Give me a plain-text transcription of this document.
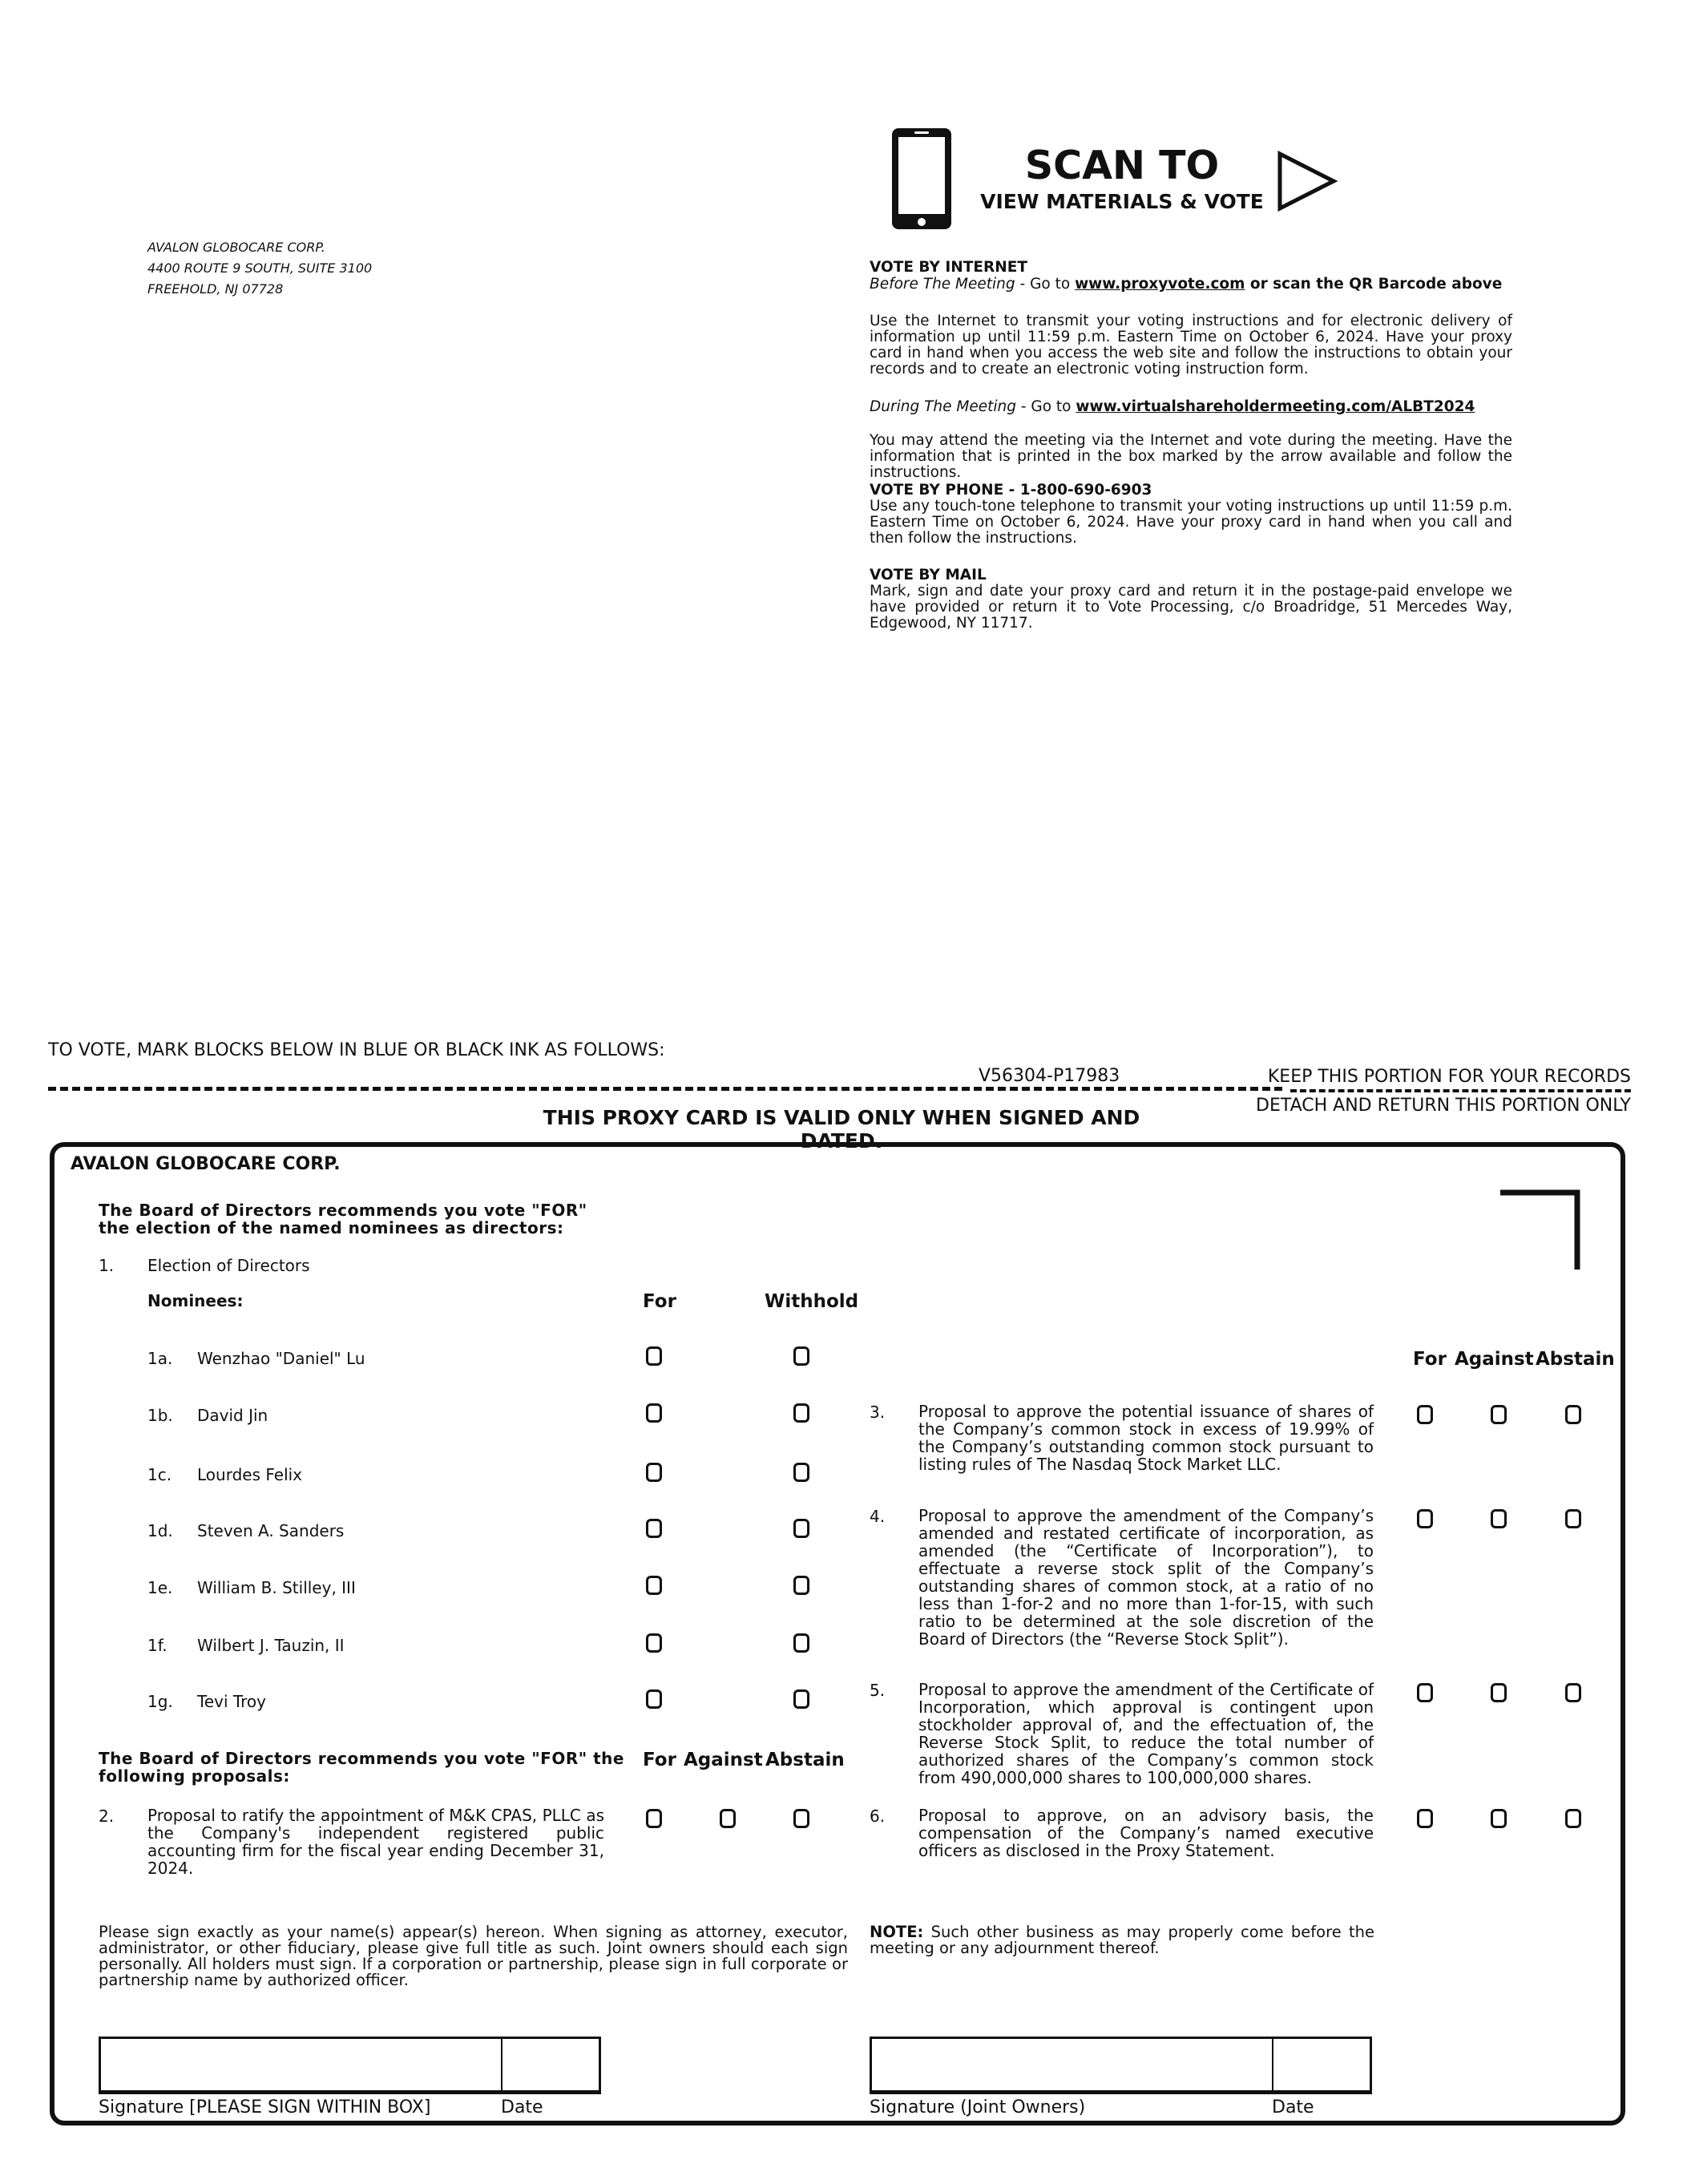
AVALON GLOBOCARE CORP.
4400 ROUTE 9 SOUTH, SUITE 3100
FREEHOLD, NJ 07728
SCAN TO
VIEW MATERIALS & VOTE
VOTE BY INTERNET
Before The Meeting - Go to www.proxyvote.com or scan the QR Barcode above
Use the Internet to transmit your voting instructions and for electronic delivery of information up until 11:59 p.m. Eastern Time on October 6, 2024. Have your proxy card in hand when you access the web site and follow the instructions to obtain your records and to create an electronic voting instruction form.
During The Meeting - Go to www.virtualshareholdermeeting.com/ALBT2024
You may attend the meeting via the Internet and vote during the meeting. Have the information that is printed in the box marked by the arrow available and follow the instructions.
VOTE BY PHONE - 1-800-690-6903
Use any touch-tone telephone to transmit your voting instructions up until 11:59 p.m. Eastern Time on October 6, 2024. Have your proxy card in hand when you call and then follow the instructions.
VOTE BY MAIL
Mark, sign and date your proxy card and return it in the postage-paid envelope we have provided or return it to Vote Processing, c/o Broadridge, 51 Mercedes Way, Edgewood, NY 11717.
TO VOTE, MARK BLOCKS BELOW IN BLUE OR BLACK INK AS FOLLOWS:
V56304-P17983	KEEP THIS PORTION FOR YOUR RECORDS
DETACH AND RETURN THIS PORTION ONLY
THIS PROXY CARD IS VALID ONLY WHEN SIGNED AND DATED.
AVALON GLOBOCARE CORP.
The Board of Directors recommends you vote "FOR"
the election of the named nominees as directors:
1. Election of Directors
Nominees:	For	Withhold
1a. Wenzhao "Daniel" Lu
1b. David Jin
1c. Lourdes Felix
1d. Steven A. Sanders
1e. William B. Stilley, III
1f. Wilbert J. Tauzin, II
1g. Tevi Troy
The Board of Directors recommends you vote "FOR" the
following proposals:
For Against Abstain
For Against Abstain
2. Proposal to ratify the appointment of M&K CPAS, PLLC as the Company's independent registered public accounting firm for the fiscal year ending December 31, 2024.
3. Proposal to approve the potential issuance of shares of the Company’s common stock in excess of 19.99% of the Company’s outstanding common stock pursuant to listing rules of The Nasdaq Stock Market LLC.
4. Proposal to approve the amendment of the Company’s amended and restated certificate of incorporation, as amended (the “Certificate of Incorporation”), to effectuate a reverse stock split of the Company’s outstanding shares of common stock, at a ratio of no less than 1-for-2 and no more than 1-for-15, with such ratio to be determined at the sole discretion of the Board of Directors (the “Reverse Stock Split”).
5. Proposal to approve the amendment of the Certificate of Incorporation, which approval is contingent upon stockholder approval of, and the effectuation of, the Reverse Stock Split, to reduce the total number of authorized shares of the Company’s common stock from 490,000,000 shares to 100,000,000 shares.
6. Proposal to approve, on an advisory basis, the compensation of the Company’s named executive officers as disclosed in the Proxy Statement.
Please sign exactly as your name(s) appear(s) hereon. When signing as attorney, executor, administrator, or other fiduciary, please give full title as such. Joint owners should each sign personally. All holders must sign. If a corporation or partnership, please sign in full corporate or partnership name by authorized officer.
NOTE: Such other business as may properly come before the meeting or any adjournment thereof.
Signature [PLEASE SIGN WITHIN BOX]	Date	Signature (Joint Owners)	Date
